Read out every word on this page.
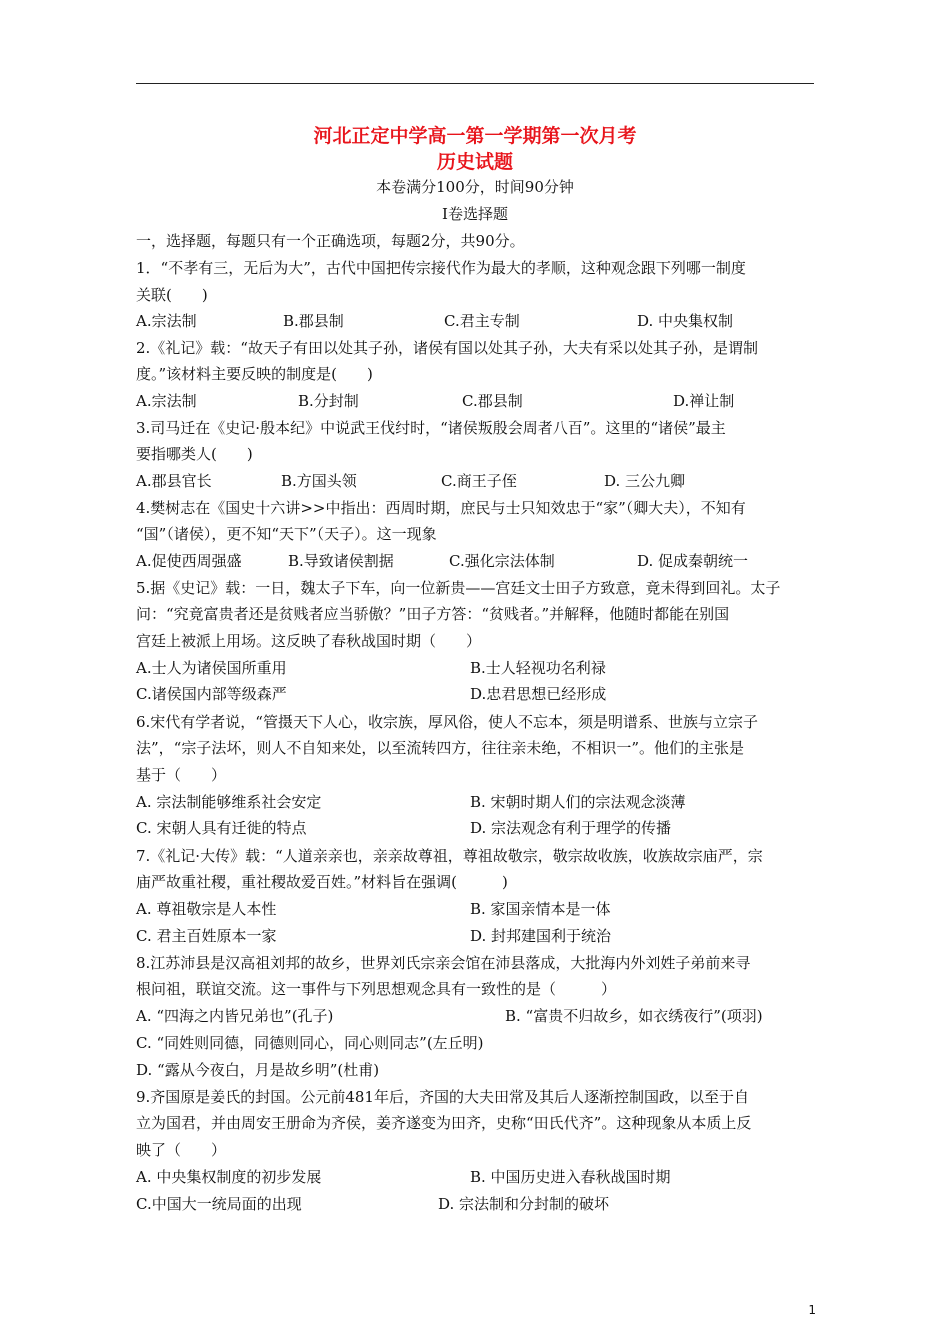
河北正定中学高一第一学期第一次月考
历史试题
本卷满分100分，时间90分钟
I卷选择题
一，选择题，每题只有一个正确选项，每题2分，共90分。
1．“不孝有三，无后为大”，古代中国把传宗接代作为最大的孝顺，这种观念跟下列哪一制度
关联(　　)
A.宗法制	B.郡县制	C.君主专制	D. 中央集权制
2.《礼记》载：“故天子有田以处其子孙，诸侯有国以处其子孙，大夫有采以处其子孙，是谓制
度。”该材料主要反映的制度是(　　)
A.宗法制	B.分封制	C.郡县制	D.禅让制
3.司马迁在《史记·殷本纪》中说武王伐纣时，“诸侯叛殷会周者八百”。这里的“诸侯”最主
要指哪类人(　　)
A.郡县官长	B.方国头领	C.商王子侄	D. 三公九卿
4.樊树志在《国史十六讲>>中指出：西周时期，庶民与士只知效忠于“家”（卿大夫），不知有
“国”（诸侯），更不知“天下”（天子）。这一现象
A.促使西周强盛	B.导致诸侯割据	C.强化宗法体制	D. 促成秦朝统一
5.据《史记》载：一日，魏太子下车，向一位新贵——宫廷文士田子方致意，竟未得到回礼。太子
问：“究竟富贵者还是贫贱者应当骄傲？”田子方答：“贫贱者。”并解释，他随时都能在别国
宫廷上被派上用场。这反映了春秋战国时期（　　）
A.士人为诸侯国所重用	B.士人轻视功名利禄
C.诸侯国内部等级森严	D.忠君思想已经形成
6.宋代有学者说，“管摄天下人心，收宗族，厚风俗，使人不忘本，须是明谱系、世族与立宗子
法”，“宗子法坏，则人不自知来处，以至流转四方，往往亲未绝，不相识一”。他们的主张是
基于（　　）
A. 宗法制能够维系社会安定	B. 宋朝时期人们的宗法观念淡薄
C. 宋朝人具有迁徙的特点	D. 宗法观念有利于理学的传播
7.《礼记·大传》载：“人道亲亲也，亲亲故尊祖，尊祖故敬宗，敬宗故收族，收族故宗庙严，宗
庙严故重社稷，重社稷故爱百姓。”材料旨在强调(　　　)
A. 尊祖敬宗是人本性	B. 家国亲情本是一体
C. 君主百姓原本一家	D. 封邦建国利于统治
8.江苏沛县是汉高祖刘邦的故乡，世界刘氏宗亲会馆在沛县落成，大批海内外刘姓子弟前来寻
根问祖，联谊交流。这一事件与下列思想观念具有一致性的是（　　　）
A. “四海之内皆兄弟也”(孔子)	B. “富贵不归故乡，如衣绣夜行”(项羽)
C. “同姓则同德，同德则同心，同心则同志”(左丘明)
D. “露从今夜白，月是故乡明”(杜甫)
9.齐国原是姜氏的封国。公元前481年后，齐国的大夫田常及其后人逐渐控制国政，以至于自
立为国君，并由周安王册命为齐侯，姜齐遂变为田齐，史称“田氏代齐”。这种现象从本质上反
映了（　　）
A. 中央集权制度的初步发展	B. 中国历史进入春秋战国时期
C.中国大一统局面的出现	D. 宗法制和分封制的破坏
1
